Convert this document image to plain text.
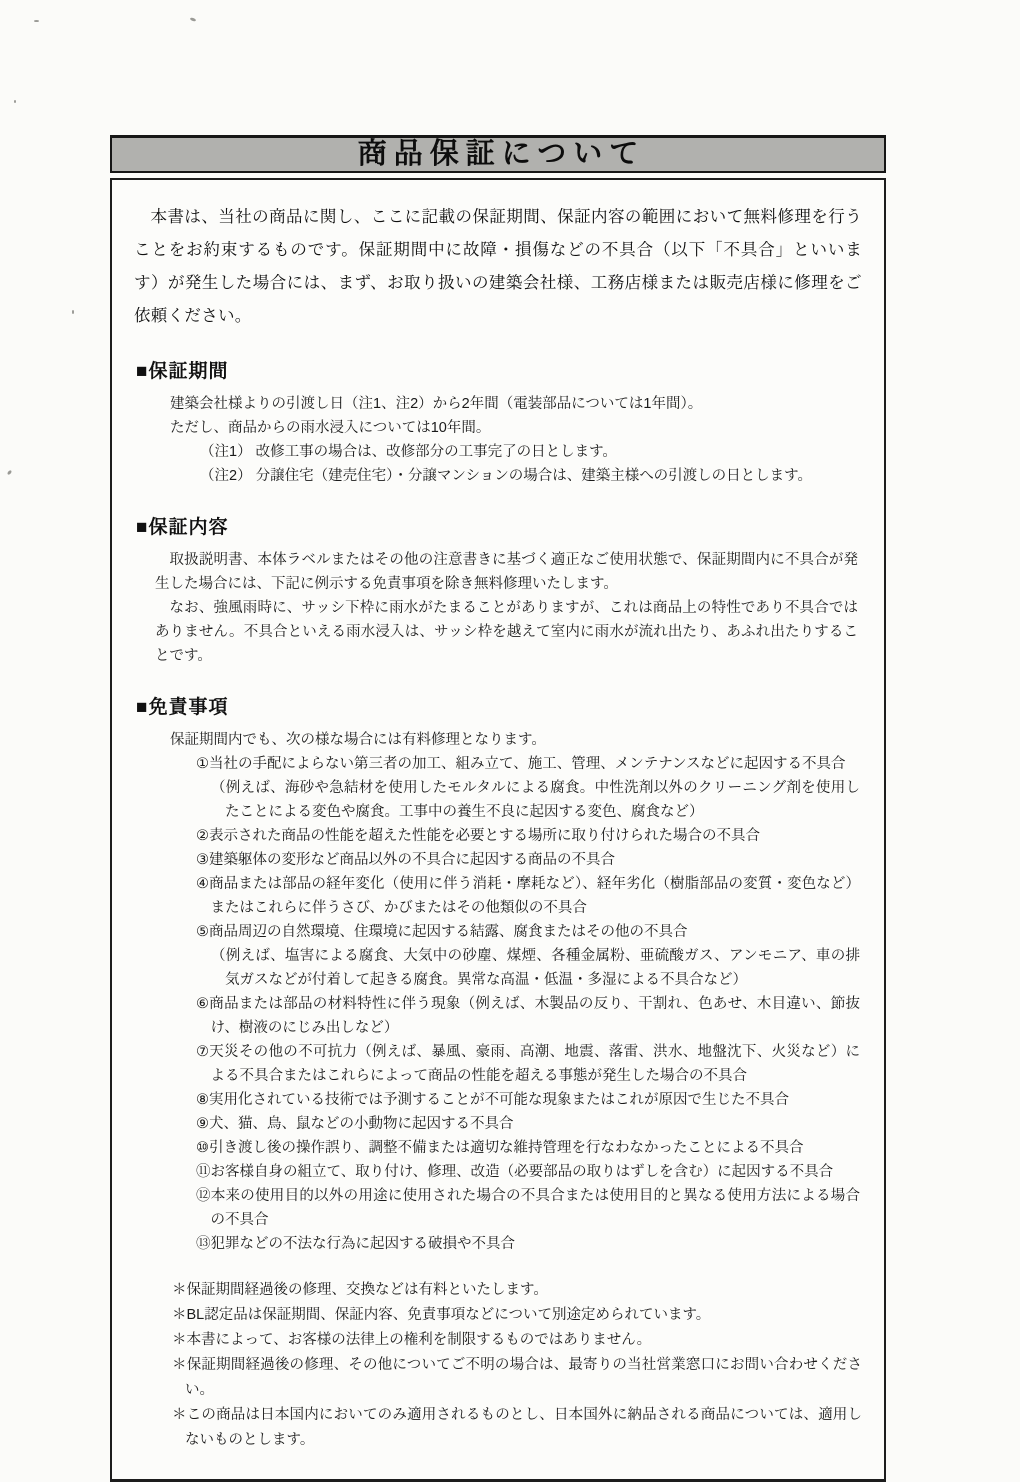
商品保証について

本書は、当社の商品に関し、ここに記載の保証期間、保証内容の範囲において無料修理を行うことをお約束するものです。保証期間中に故障・損傷などの不具合（以下「不具合」といいます）が発生した場合には、まず、お取り扱いの建築会社様、工務店様または販売店様に修理をご依頼ください。

■保証期間

建築会社様よりの引渡し日（注1、注2）から2年間（電装部品については1年間）。

ただし、商品からの雨水浸入については10年間。

（注1） 改修工事の場合は、改修部分の工事完了の日とします。

（注2） 分譲住宅（建売住宅）・分譲マンションの場合は、建築主様への引渡しの日とします。

■保証内容

取扱説明書、本体ラベルまたはその他の注意書きに基づく適正なご使用状態で、保証期間内に不具合が発生した場合には、下記に例示する免責事項を除き無料修理いたします。

なお、強風雨時に、サッシ下枠に雨水がたまることがありますが、これは商品上の特性であり不具合ではありません。不具合といえる雨水浸入は、サッシ枠を越えて室内に雨水が流れ出たり、あふれ出たりすることです。

■免責事項

保証期間内でも、次の様な場合には有料修理となります。

①当社の手配によらない第三者の加工、組み立て、施工、管理、メンテナンスなどに起因する不具合

（例えば、海砂や急結材を使用したモルタルによる腐食。中性洗剤以外のクリーニング剤を使用したことによる変色や腐食。工事中の養生不良に起因する変色、腐食など）

②表示された商品の性能を超えた性能を必要とする場所に取り付けられた場合の不具合

③建築躯体の変形など商品以外の不具合に起因する商品の不具合

④商品または部品の経年変化（使用に伴う消耗・摩耗など）、経年劣化（樹脂部品の変質・変色など）またはこれらに伴うさび、かびまたはその他類似の不具合

⑤商品周辺の自然環境、住環境に起因する結露、腐食またはその他の不具合

（例えば、塩害による腐食、大気中の砂塵、煤煙、各種金属粉、亜硫酸ガス、アンモニア、車の排気ガスなどが付着して起きる腐食。異常な高温・低温・多湿による不具合など）

⑥商品または部品の材料特性に伴う現象（例えば、木製品の反り、干割れ、色あせ、木目違い、節抜け、樹液のにじみ出しなど）

⑦天災その他の不可抗力（例えば、暴風、豪雨、高潮、地震、落雷、洪水、地盤沈下、火災など）による不具合またはこれらによって商品の性能を超える事態が発生した場合の不具合

⑧実用化されている技術では予測することが不可能な現象またはこれが原因で生じた不具合

⑨犬、猫、鳥、鼠などの小動物に起因する不具合

⑩引き渡し後の操作誤り、調整不備または適切な維持管理を行なわなかったことによる不具合

⑪お客様自身の組立て、取り付け、修理、改造（必要部品の取りはずしを含む）に起因する不具合

⑫本来の使用目的以外の用途に使用された場合の不具合または使用目的と異なる使用方法による場合の不具合

⑬犯罪などの不法な行為に起因する破損や不具合

＊保証期間経過後の修理、交換などは有料といたします。

＊BL認定品は保証期間、保証内容、免責事項などについて別途定められています。

＊本書によって、お客様の法律上の権利を制限するものではありません。

＊保証期間経過後の修理、その他についてご不明の場合は、最寄りの当社営業窓口にお問い合わせください。

＊この商品は日本国内においてのみ適用されるものとし、日本国外に納品される商品については、適用しないものとします。
